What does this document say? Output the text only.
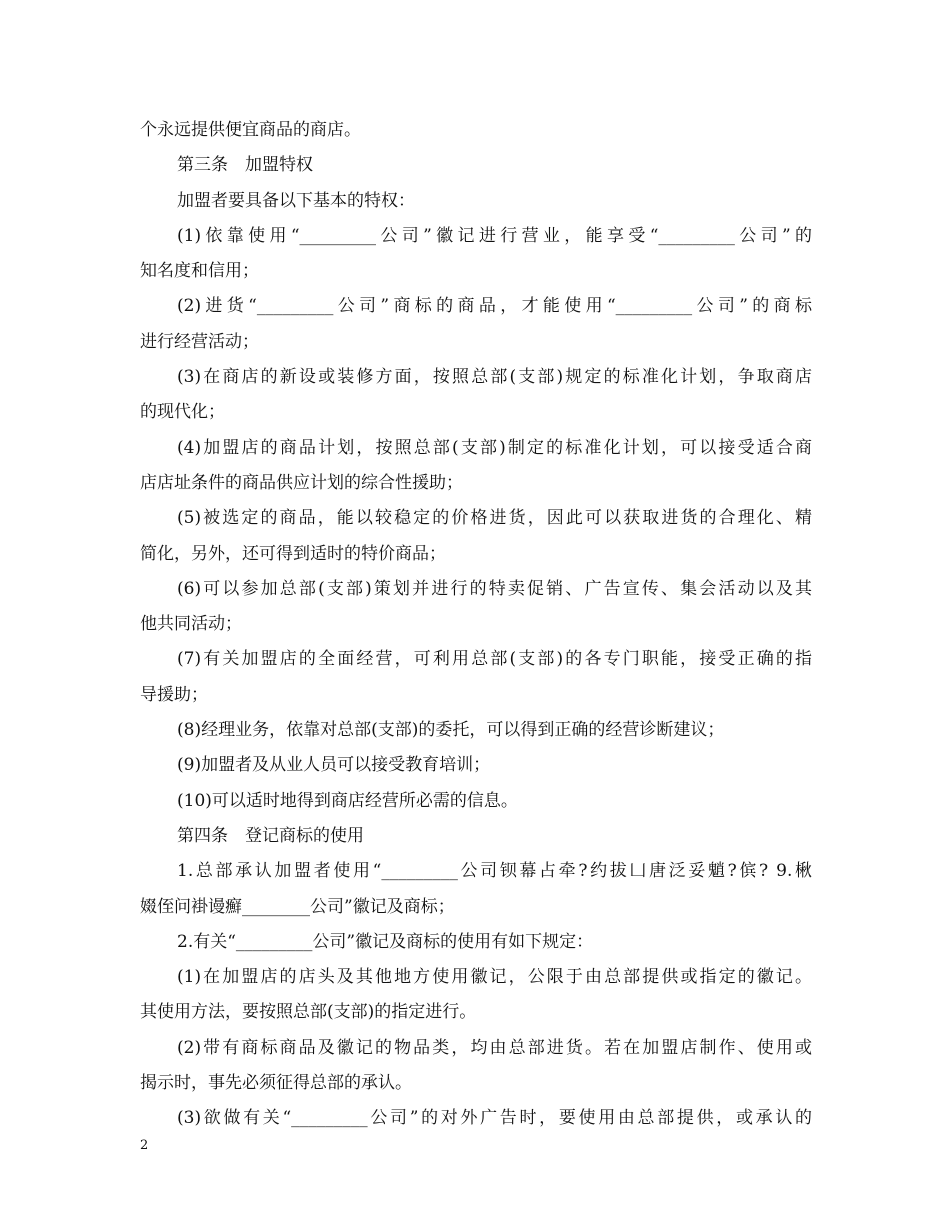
个永远提供便宜商品的商店。
第三条　加盟特权
加盟者要具备以下基本的特权：
(1)依靠使用“_________公司”徽记进行营业，能享受“_________公司”的
知名度和信用；
(2)进货“_________公司”商标的商品，才能使用“_________公司”的商标
进行经营活动；
(3)在商店的新设或装修方面，按照总部(支部)规定的标准化计划，争取商店
的现代化；
(4)加盟店的商品计划，按照总部(支部)制定的标准化计划，可以接受适合商
店店址条件的商品供应计划的综合性援助；
(5)被选定的商品，能以较稳定的价格进货，因此可以获取进货的合理化、精
简化，另外，还可得到适时的特价商品；
(6)可以参加总部(支部)策划并进行的特卖促销、广告宣传、集会活动以及其
他共同活动；
(7)有关加盟店的全面经营，可利用总部(支部)的各专门职能，接受正确的指
导援助；
(8)经理业务，依靠对总部(支部)的委托，可以得到正确的经营诊断建议；
(9)加盟者及从业人员可以接受教育培训；
(10)可以适时地得到商店经营所必需的信息。
第四条　登记商标的使用
1.总部承认加盟者使用“_________公司钡幕占牵?约拔凵唐泛妥魈?傧? 9.楸
娺侄问褂谩癬________公司”徽记及商标；
2.有关“_________公司”徽记及商标的使用有如下规定：
(1)在加盟店的店头及其他地方使用徽记，公限于由总部提供或指定的徽记。
其使用方法，要按照总部(支部)的指定进行。
(2)带有商标商品及徽记的物品类，均由总部进货。若在加盟店制作、使用或
揭示时，事先必须征得总部的承认。
(3)欲做有关“_________公司”的对外广告时，要使用由总部提供，或承认的
2
